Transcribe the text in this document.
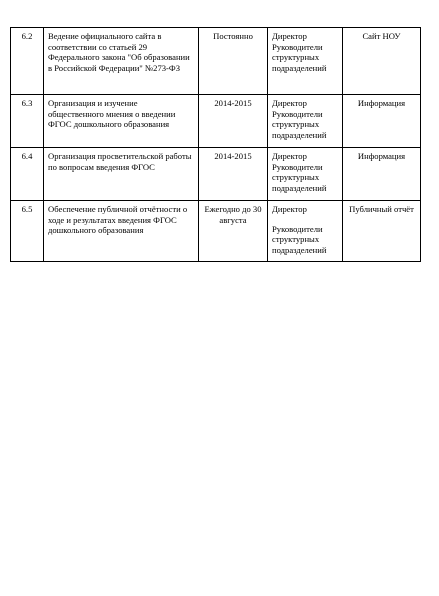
6.2	Ведение официального сайта в соответствии со статьей 29 Федерального закона "Об образовании в Российской Федерации" №273-ФЗ	Постоянно	Директор
Руководители структурных подразделений	Сайт НОУ
6.3	Организация и изучение общественного мнения о введении ФГОС дошкольного образования	2014-2015	Директор
Руководители структурных подразделений	Информация
6.4	Организация просветительской работы по вопросам введения ФГОС	2014-2015	Директор
Руководители структурных подразделений	Информация
6.5	Обеспечение публичной отчётности о ходе и результатах введения ФГОС дошкольного образования	Ежегодно до 30 августа	Директор
Руководители структурных подразделений	Публичный отчёт
